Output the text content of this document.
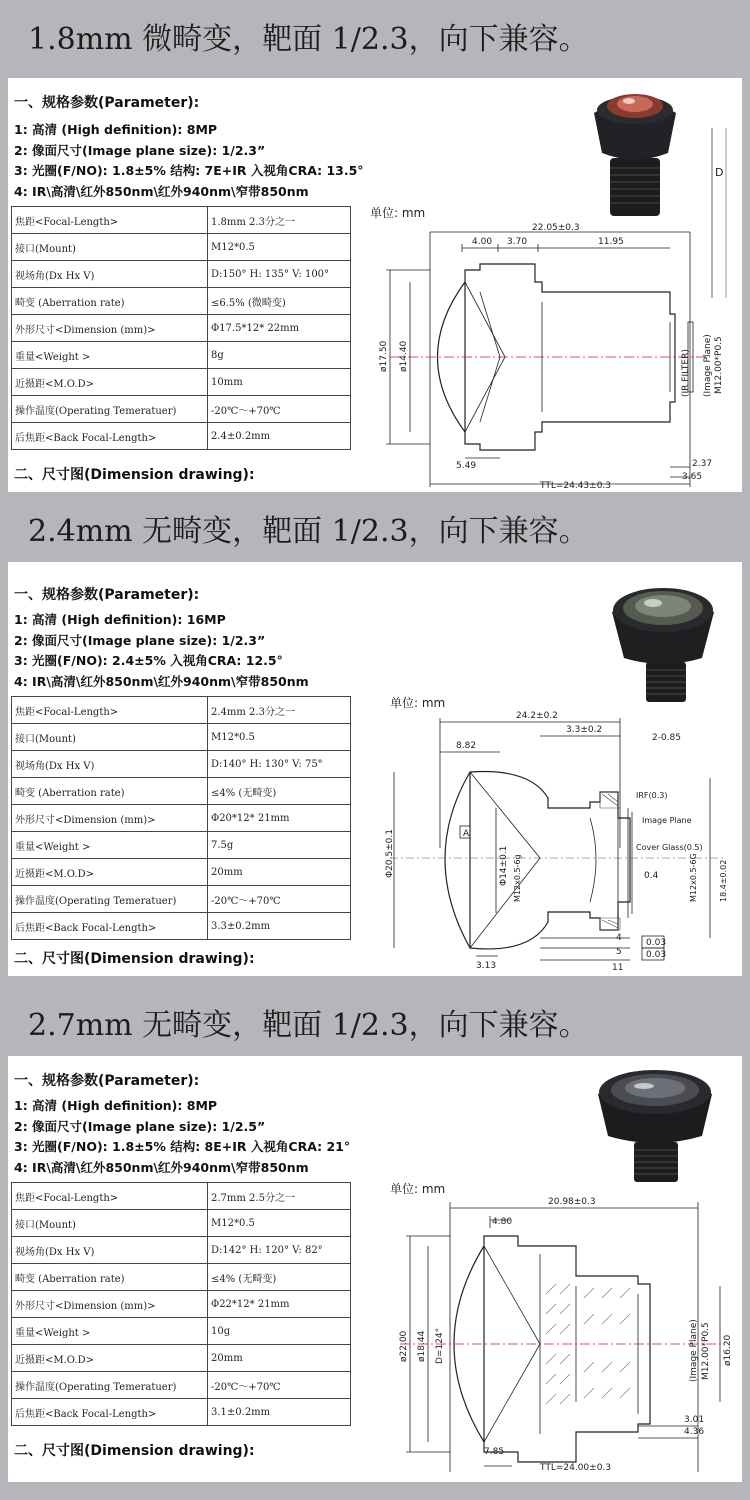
1.8mm 微畸变，靶面 1/2.3，向下兼容。
一、规格参数(Parameter):
1: 高清 (High definition): 8MP
2: 像面尺寸(Image plane size): 1/2.3”
3: 光圈(F/NO): 1.8±5% 结构: 7E+IR 入视角CRA: 13.5°
4: IR\高清\红外850nm\红外940nm\窄带850nm
焦距<Focal-Length>	1.8mm 2.3分之一
接口(Mount)	M12*0.5
视场角(Dx Hx V)	D:150° H: 135° V: 100°
畸变 (Aberration rate)	≤6.5% (微畸变)
外形尺寸<Dimension (mm)>	Φ17.5*12* 22mm
重量<Weight >	8g
近摄距<M.O.D>	10mm
操作温度(Operating Temeratuer)	-20℃～+70℃
后焦距<Back Focal-Length>	2.4±0.2mm
二、尺寸图(Dimension drawing):
单位: mm
D
22.05±0.3
4.00 3.70	11.95
ø17.50 ø14.40	(IR FILTER) (Image Plane) M12.00*P0.5
2.37
3.65
5.49
TTL=24.43±0.3
2.4mm 无畸变，靶面 1/2.3，向下兼容。
一、规格参数(Parameter):
1: 高清 (High definition): 16MP
2: 像面尺寸(Image plane size): 1/2.3”
3: 光圈(F/NO): 2.4±5% 入视角CRA: 12.5°
4: IR\高清\红外850nm\红外940nm\窄带850nm
焦距<Focal-Length>	2.4mm 2.3分之一
接口(Mount)	M12*0.5
视场角(Dx Hx V)	D:140° H: 130° V: 75°
畸变 (Aberration rate)	≤4% (无畸变)
外形尺寸<Dimension (mm)>	Φ20*12* 21mm
重量<Weight >	7.5g
近摄距<M.O.D>	20mm
操作温度(Operating Temeratuer)	-20℃～+70℃
后焦距<Back Focal-Length>	3.3±0.2mm
二、尺寸图(Dimension drawing):
单位: mm
24.2±0.2
8.82
3.3±0.2
2-0.85
Φ20.5±0.1	Φ14±0.1 M12x0.5-6g	M12x0.5-6G	18.4±0.02
IRF(0.3)
Image Plane
Cover Glass(0.5)
0.4
3.13
4
5
11
0.03
0.03
A
2.7mm 无畸变，靶面 1/2.3，向下兼容。
一、规格参数(Parameter):
1: 高清 (High definition): 8MP
2: 像面尺寸(Image plane size): 1/2.5”
3: 光圈(F/NO): 1.8±5% 结构: 8E+IR 入视角CRA: 21°
4: IR\高清\红外850nm\红外940nm\窄带850nm
焦距<Focal-Length>	2.7mm 2.5分之一
接口(Mount)	M12*0.5
视场角(Dx Hx V)	D:142° H: 120° V: 82°
畸变 (Aberration rate)	≤4% (无畸变)
外形尺寸<Dimension (mm)>	Φ22*12* 21mm
重量<Weight >	10g
近摄距<M.O.D>	20mm
操作温度(Operating Temeratuer)	-20℃～+70℃
后焦距<Back Focal-Length>	3.1±0.2mm
二、尺寸图(Dimension drawing):
单位: mm
20.98±0.3
4.80
ø22.00 ø18.44 D=124°	(Image Plane) M12.00*P0.5 ø16.20
3.01
4.36
7.85
TTL=24.00±0.3
